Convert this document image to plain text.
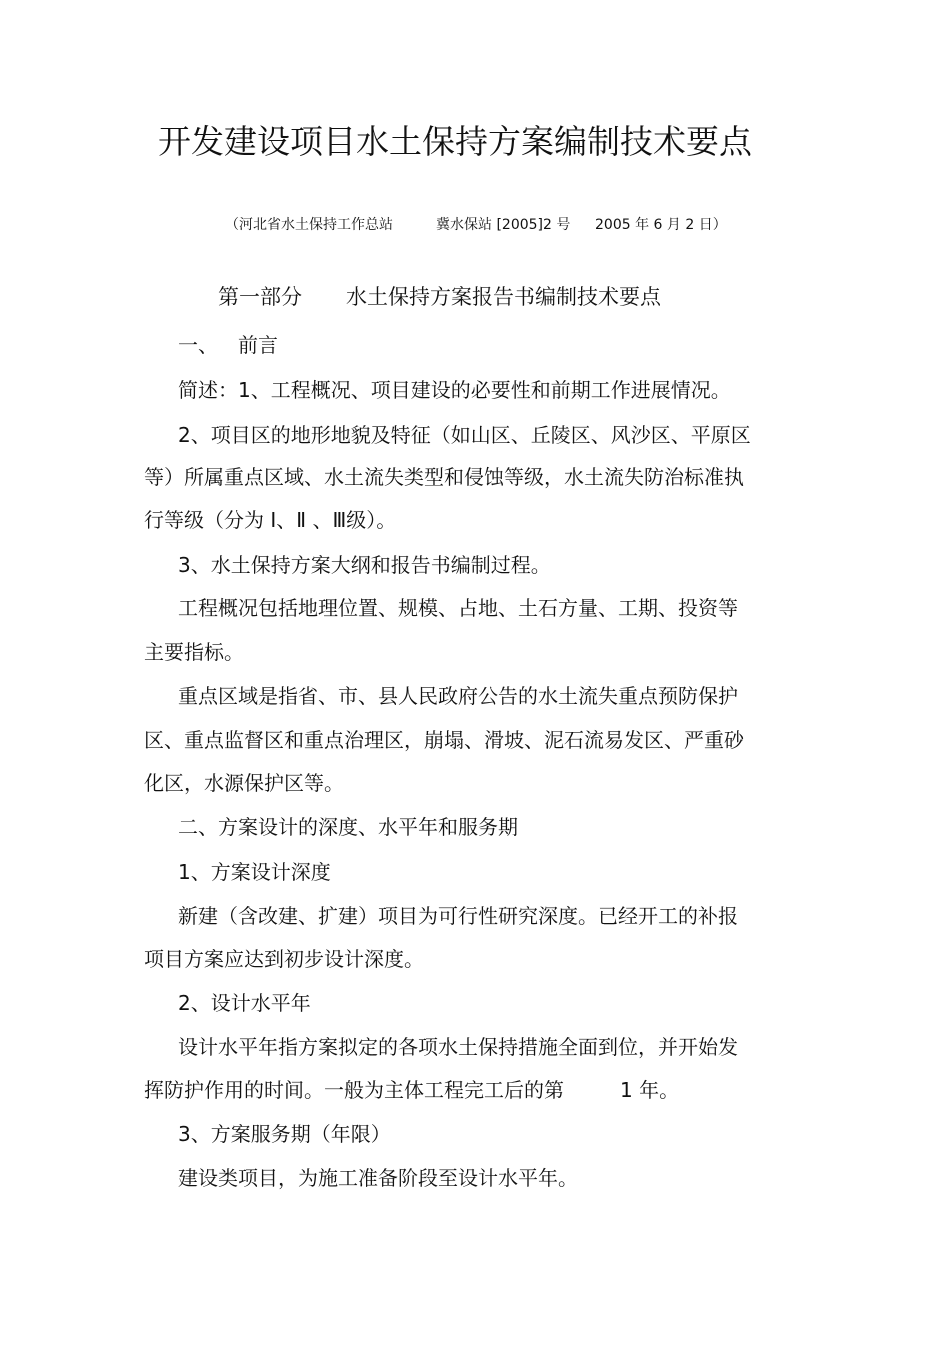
开发建设项目水土保持方案编制技术要点
（河北省水土保持工作总站	冀水保站 [2005]2 号 2005 年 6 月 2 日）
第一部分 水土保持方案报告书编制技术要点
一、 前言
简述：1、工程概况、项目建设的必要性和前期工作进展情况。
2、项目区的地形地貌及特征（如山区、丘陵区、风沙区、平原区
等）所属重点区域、水土流失类型和侵蚀等级，水土流失防治标准执
行等级（分为 Ⅰ、Ⅱ 、Ⅲ级）。
3、水土保持方案大纲和报告书编制过程。
工程概况包括地理位置、规模、占地、土石方量、工期、投资等
主要指标。
重点区域是指省、市、县人民政府公告的水土流失重点预防保护
区、重点监督区和重点治理区，崩塌、滑坡、泥石流易发区、严重砂
化区，水源保护区等。
二、方案设计的深度、水平年和服务期
1、方案设计深度
新建（含改建、扩建）项目为可行性研究深度。已经开工的补报
项目方案应达到初步设计深度。
2、设计水平年
设计水平年指方案拟定的各项水土保持措施全面到位，并开始发
挥防护作用的时间。一般为主体工程完工后的第	1 年。
3、方案服务期（年限）
建设类项目，为施工准备阶段至设计水平年。
